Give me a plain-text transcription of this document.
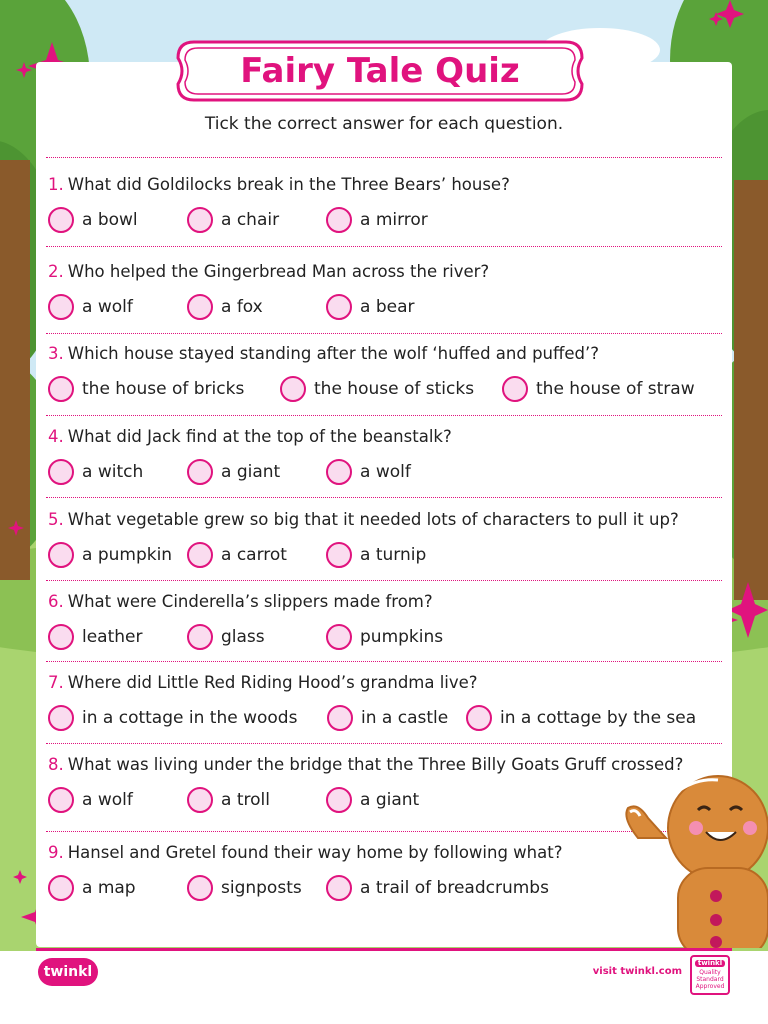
Fairy Tale Quiz
Tick the correct answer for each question.
1. What did Goldilocks break in the Three Bears’ house?
a bowl	a chair	a mirror
2. Who helped the Gingerbread Man across the river?
a wolf	a fox	a bear
3. Which house stayed standing after the wolf ‘huffed and puffed’?
the house of bricks	the house of sticks	the house of straw
4. What did Jack find at the top of the beanstalk?
a witch	a giant	a wolf
5. What vegetable grew so big that it needed lots of characters to pull it up?
a pumpkin	a carrot	a turnip
6. What were Cinderella’s slippers made from?
leather	glass	pumpkins
7. Where did Little Red Riding Hood’s grandma live?
in a cottage in the woods	in a castle	in a cottage by the sea
8. What was living under the bridge that the Three Billy Goats Gruff crossed?
a wolf	a troll	a giant
9. Hansel and Gretel found their way home by following what?
a map	signposts	a trail of breadcrumbs
twinkl	visit twinkl.com
twinkl
Quality Standard Approved
